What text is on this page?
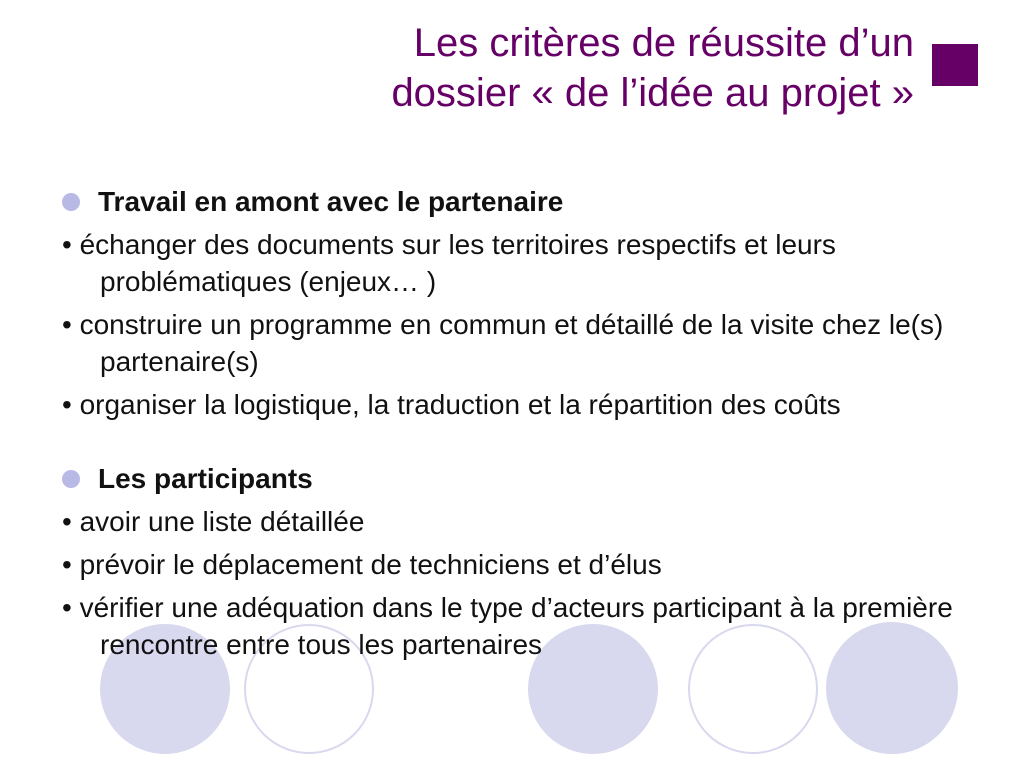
Les critères de réussite d’un
dossier « de l’idée au projet »
Travail en amont avec le partenaire
• échanger des documents sur les territoires respectifs et leurs problématiques (enjeux… )
• construire un programme en commun et détaillé de la visite chez le(s) partenaire(s)
• organiser la logistique, la traduction et la répartition des coûts
Les participants
• avoir une liste détaillée
• prévoir le déplacement de techniciens et d’élus
• vérifier une adéquation dans le type d’acteurs participant à la première rencontre entre tous les partenaires
